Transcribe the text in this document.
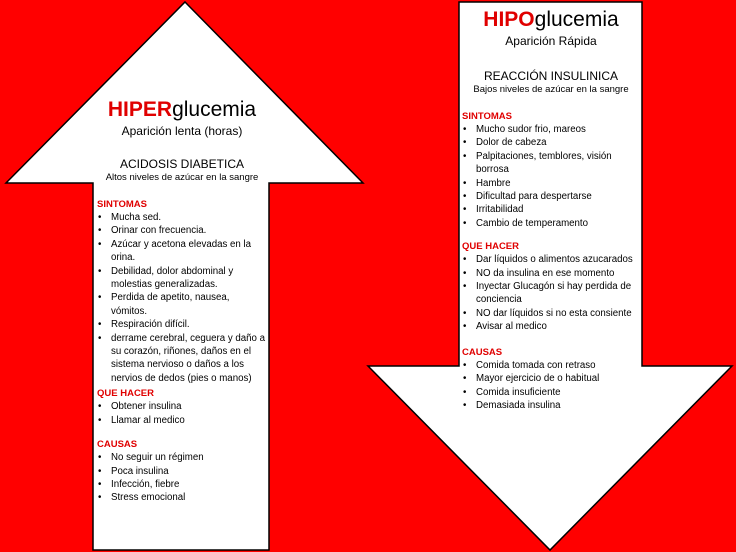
HIPERglucemia
Aparición lenta (horas)
ACIDOSIS DIABETICA
Altos niveles de azúcar en la sangre
SINTOMAS
• Mucha sed.
• Orinar con frecuencia.
• Azúcar y acetona elevadas en la orina.
• Debilidad, dolor abdominal y molestias generalizadas.
• Perdida de apetito, nausea, vómitos.
• Respiración difícil.
• derrame cerebral, ceguera y daño a su corazón, riñones, daños en el sistema nervioso o daños a los nervios de dedos (pies o manos)
QUE HACER
• Obtener insulina
• Llamar al medico
CAUSAS
• No seguir un régimen
• Poca insulina
• Infección, fiebre
• Stress emocional
HIPOglucemia
Aparición Rápida
REACCIÓN INSULINICA
Bajos niveles de azúcar en la sangre
SINTOMAS
• Mucho sudor frio, mareos
• Dolor de cabeza
• Palpitaciones, temblores, visión borrosa
• Hambre
• Dificultad para despertarse
• Irritabilidad
• Cambio de temperamento
QUE HACER
• Dar líquidos o alimentos azucarados
• NO da insulina en ese momento
• Inyectar Glucagón si hay perdida de conciencia
• NO dar líquidos si no esta consiente
• Avisar al medico
CAUSAS
• Comida tomada con retraso
• Mayor ejercicio de o habitual
• Comida insuficiente
• Demasiada insulina
